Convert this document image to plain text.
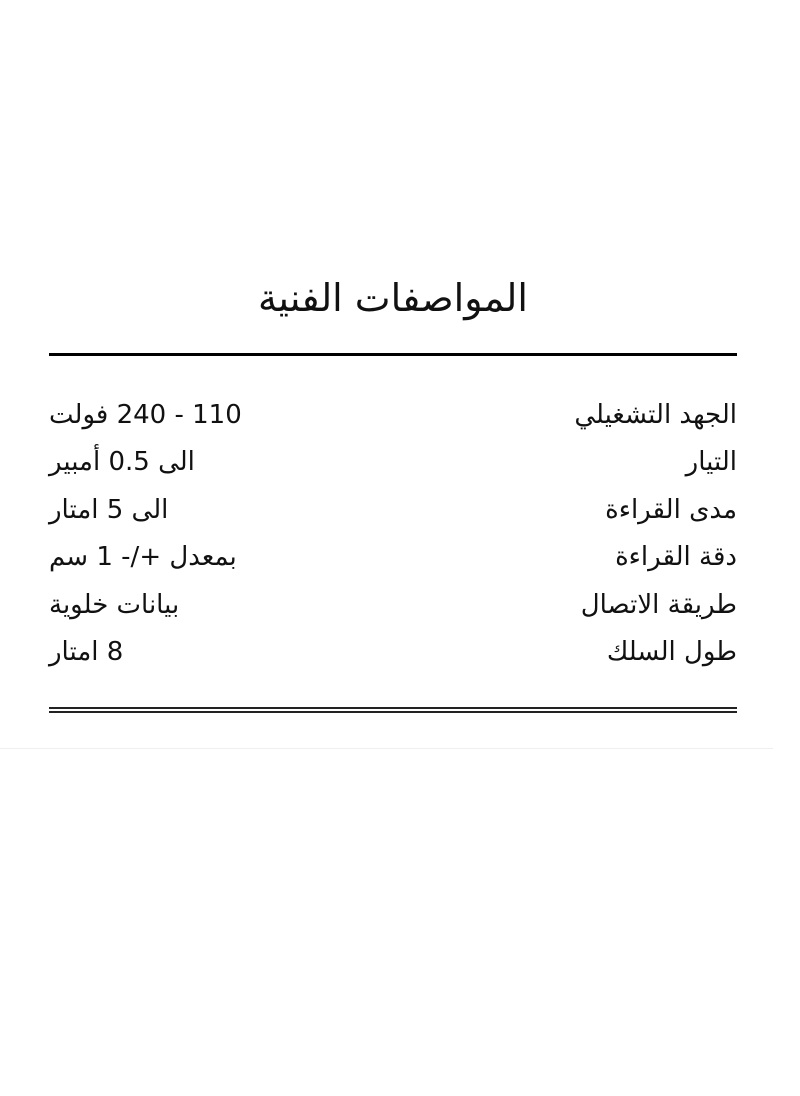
المواصفات الفنية
الجهد التشغيلي
110 - 240 فولت
التيار
الى 0.5 أمبير
مدى القراءة
الى 5 امتار
دقة القراءة
بمعدل +/- 1 سم
طريقة الاتصال
بيانات خلوية
طول السلك
8 امتار
